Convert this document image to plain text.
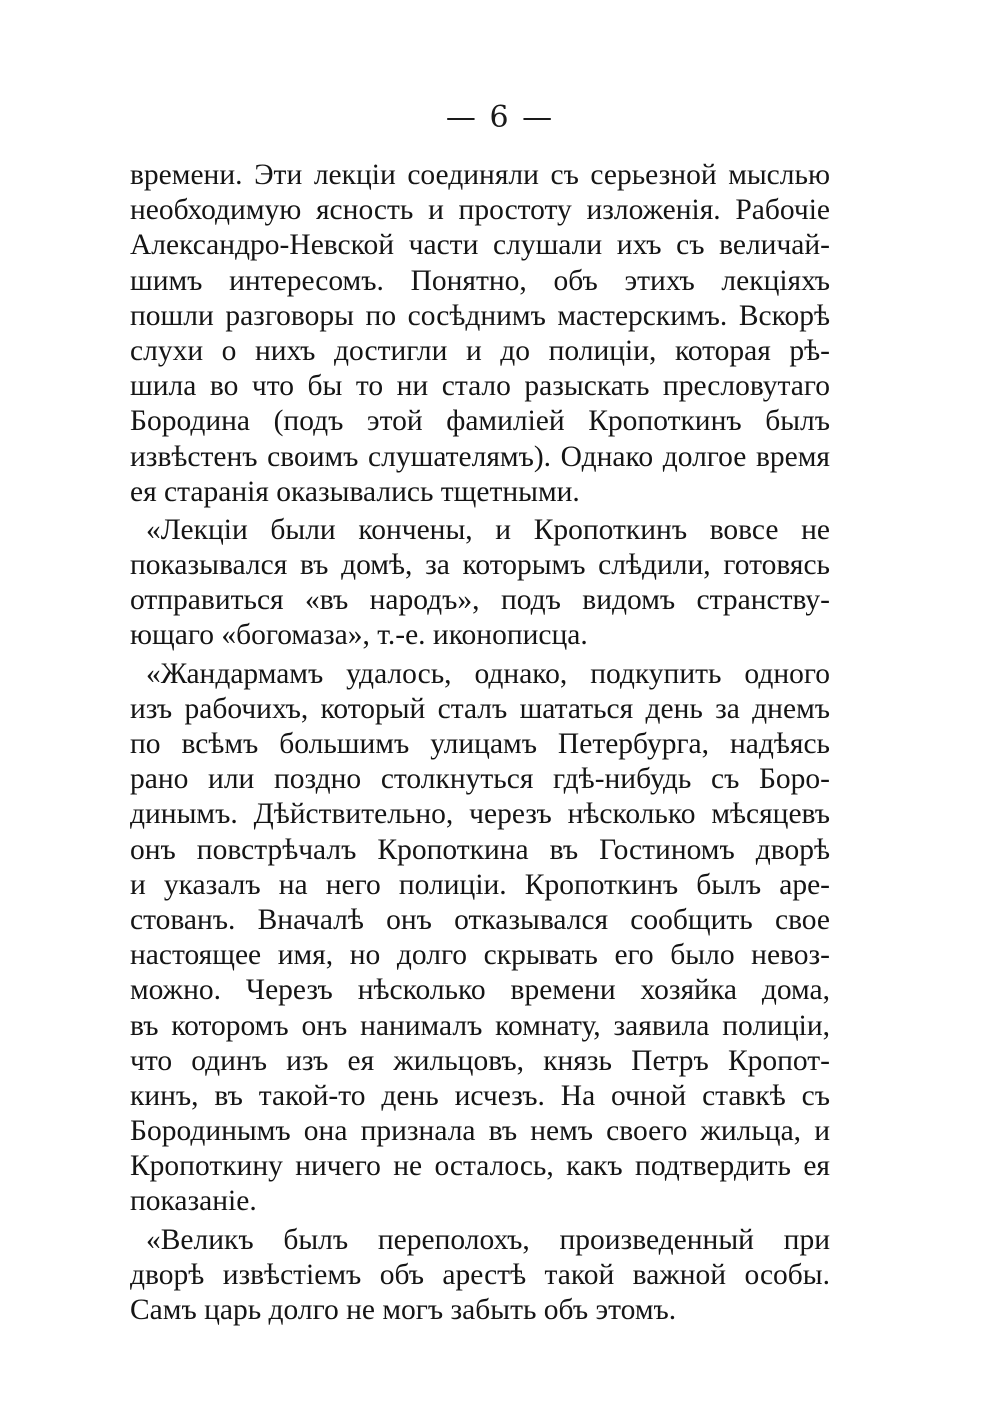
— 6 —
времени. Эти лекціи соединяли съ серьезной мыслью
необходимую ясность и простоту изложенія. Рабочіе
Александро-Невской части слушали ихъ съ величай-
шимъ интересомъ. Понятно, объ этихъ лекціяхъ
пошли разговоры по сосѣднимъ мастерскимъ. Вскорѣ
слухи о нихъ достигли и до полиціи, которая рѣ-
шила во что бы то ни стало разыскать пресловутаго
Бородина (подъ этой фамиліей Кропоткинъ былъ
извѣстенъ своимъ слушателямъ). Однако долгое время
ея старанія оказывались тщетными.
«Лекціи были кончены, и Кропоткинъ вовсе не
показывался въ домѣ, за которымъ слѣдили, готовясь
отправиться «въ народъ», подъ видомъ странству-
ющаго «богомаза», т.-е. иконописца.
«Жандармамъ удалось, однако, подкупить одного
изъ рабочихъ, который сталъ шататься день за днемъ
по всѣмъ большимъ улицамъ Петербурга, надѣясь
рано или поздно столкнуться гдѣ-нибудь съ Боро-
динымъ. Дѣйствительно, черезъ нѣсколько мѣсяцевъ
онъ повстрѣчалъ Кропоткина въ Гостиномъ дворѣ
и указалъ на него полиціи. Кропоткинъ былъ аре-
стованъ. Вначалѣ онъ отказывался сообщить свое
настоящее имя, но долго скрывать его было невоз-
можно. Черезъ нѣсколько времени хозяйка дома,
въ которомъ онъ нанималъ комнату, заявила полиціи,
что одинъ изъ ея жильцовъ, князь Петръ Кропот-
кинъ, въ такой-то день исчезъ. На очной ставкѣ съ
Бородинымъ она признала въ немъ своего жильца, и
Кропоткину ничего не осталось, какъ подтвердить ея
показаніе.
«Великъ былъ переполохъ, произведенный при
дворѣ извѣстіемъ объ арестѣ такой важной особы.
Самъ царь долго не могъ забыть объ этомъ.
